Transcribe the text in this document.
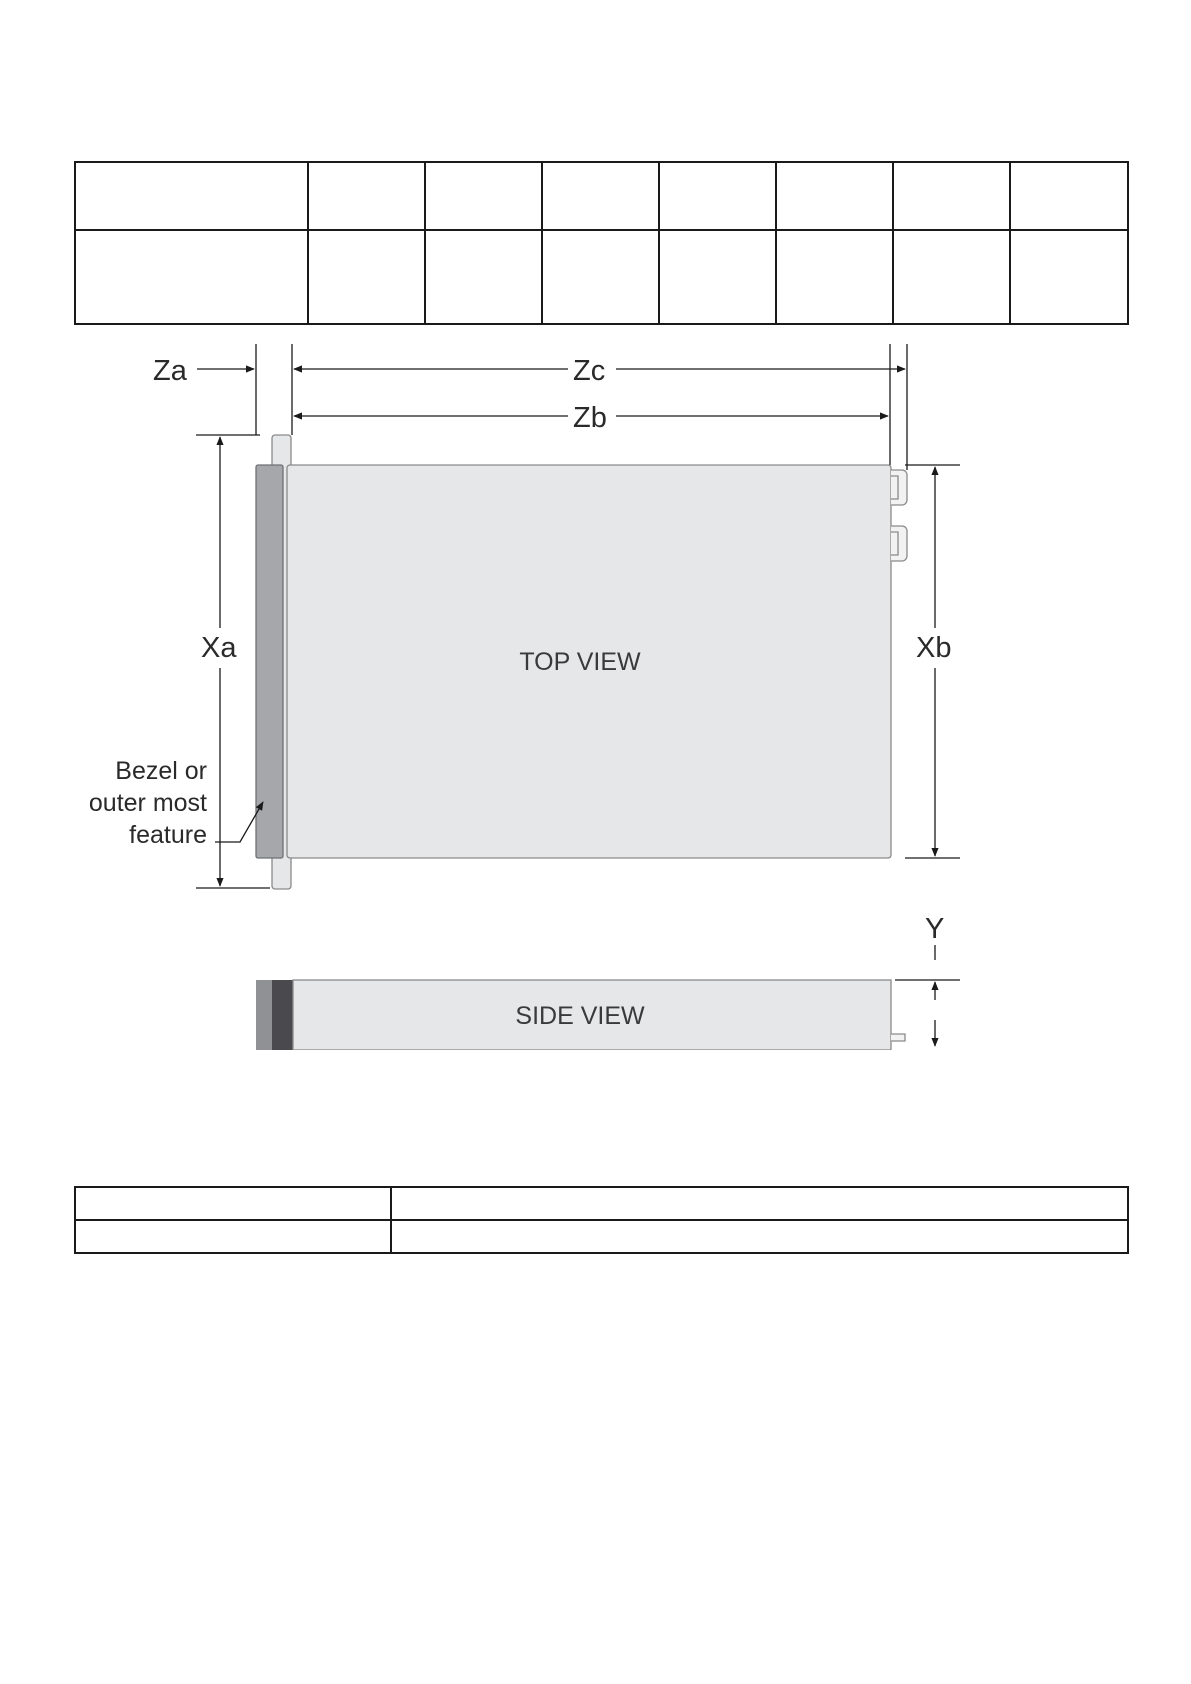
Za	Zc
Zb
Xa	Xb
Y
TOP VIEW
SIDE VIEW
Bezel or
outer most
feature
